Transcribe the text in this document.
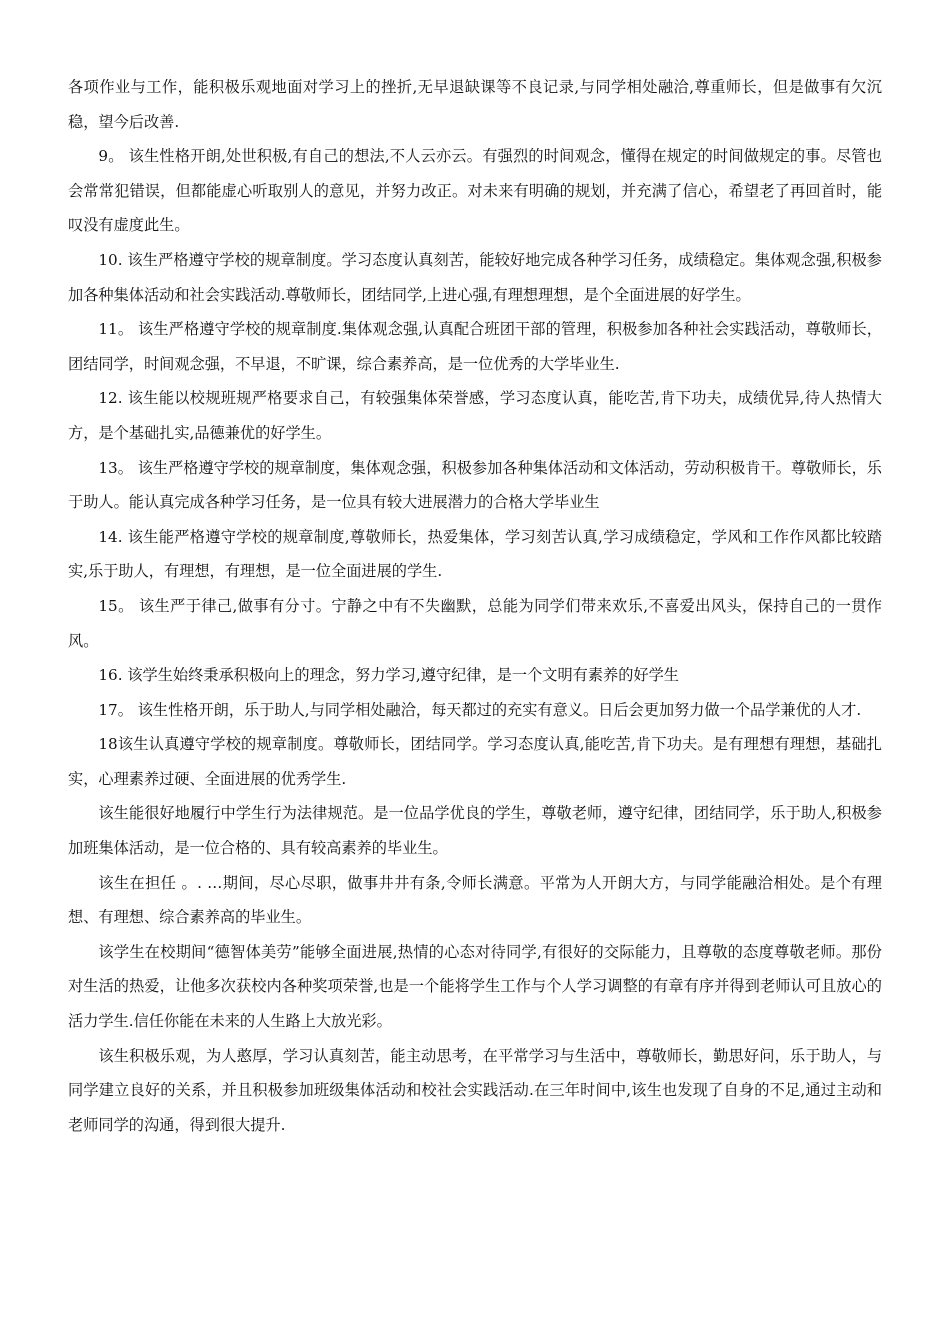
各项作业与工作，能积极乐观地面对学习上的挫折,无早退缺课等不良记录,与同学相处融洽,尊重师长，但是做事有欠沉稳，望今后改善.

9。 该生性格开朗,处世积极,有自己的想法,不人云亦云。有强烈的时间观念，懂得在规定的时间做规定的事。尽管也会常常犯错误，但都能虚心听取别人的意见，并努力改正。对未来有明确的规划，并充满了信心，希望老了再回首时，能叹没有虚度此生。

10. 该生严格遵守学校的规章制度。学习态度认真刻苦，能较好地完成各种学习任务，成绩稳定。集体观念强,积极参加各种集体活动和社会实践活动.尊敬师长，团结同学,上进心强,有理想理想，是个全面进展的好学生。

11。 该生严格遵守学校的规章制度.集体观念强,认真配合班团干部的管理，积极参加各种社会实践活动，尊敬师长，团结同学，时间观念强，不早退，不旷课，综合素养高，是一位优秀的大学毕业生.

12. 该生能以校规班规严格要求自己，有较强集体荣誉感，学习态度认真，能吃苦,肯下功夫，成绩优异,待人热情大方，是个基础扎实,品德兼优的好学生。

13。 该生严格遵守学校的规章制度，集体观念强，积极参加各种集体活动和文体活动，劳动积极肯干。尊敬师长，乐于助人。能认真完成各种学习任务，是一位具有较大进展潜力的合格大学毕业生

14. 该生能严格遵守学校的规章制度,尊敬师长，热爱集体，学习刻苦认真,学习成绩稳定，学风和工作作风都比较踏实,乐于助人，有理想，有理想，是一位全面进展的学生.

15。 该生严于律己,做事有分寸。宁静之中有不失幽默，总能为同学们带来欢乐,不喜爱出风头，保持自己的一贯作风。

16. 该学生始终秉承积极向上的理念，努力学习,遵守纪律，是一个文明有素养的好学生

17。 该生性格开朗，乐于助人,与同学相处融洽，每天都过的充实有意义。日后会更加努力做一个品学兼优的人才.

18该生认真遵守学校的规章制度。尊敬师长，团结同学。学习态度认真,能吃苦,肯下功夫。是有理想有理想，基础扎实，心理素养过硬、全面进展的优秀学生.

该生能很好地履行中学生行为法律规范。是一位品学优良的学生，尊敬老师，遵守纪律，团结同学，乐于助人,积极参加班集体活动，是一位合格的、具有较高素养的毕业生。

该生在担任 。. …期间，尽心尽职，做事井井有条,令师长满意。平常为人开朗大方，与同学能融洽相处。是个有理想、有理想、综合素养高的毕业生。

该学生在校期间“德智体美劳”能够全面进展,热情的心态对待同学,有很好的交际能力，且尊敬的态度尊敬老师。那份对生活的热爱，让他多次获校内各种奖项荣誉,也是一个能将学生工作与个人学习调整的有章有序并得到老师认可且放心的活力学生.信任你能在未来的人生路上大放光彩。

该生积极乐观，为人憨厚，学习认真刻苦，能主动思考，在平常学习与生活中，尊敬师长，勤思好问，乐于助人，与同学建立良好的关系，并且积极参加班级集体活动和校社会实践活动.在三年时间中,该生也发现了自身的不足,通过主动和老师同学的沟通，得到很大提升.
